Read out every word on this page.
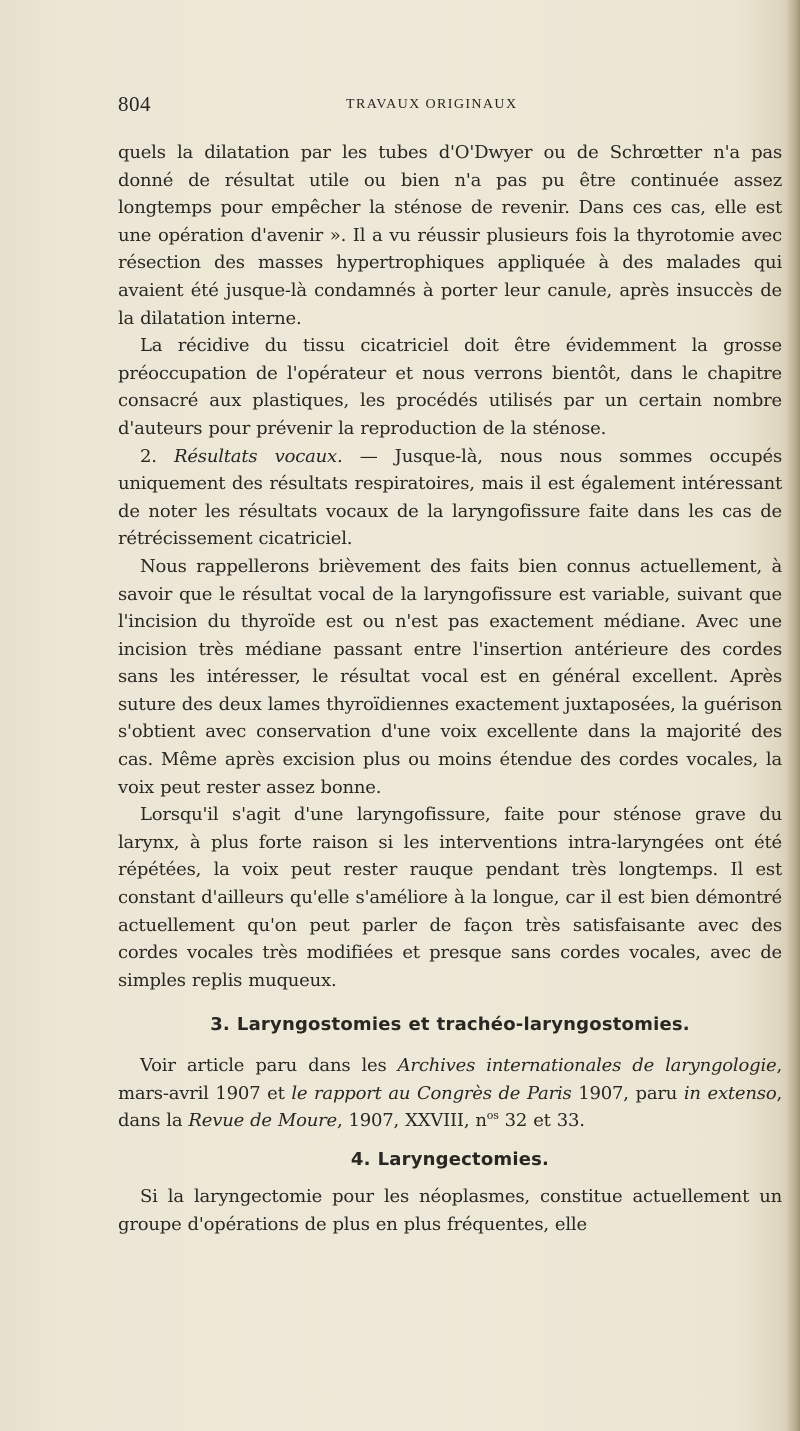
804	TRAVAUX ORIGINAUX

quels la dilatation par les tubes d'O'Dwyer ou de Schrœtter n'a pas donné de résultat utile ou bien n'a pas pu être continuée assez longtemps pour empêcher la sténose de revenir. Dans ces cas, elle est une opération d'avenir ». Il a vu réussir plusieurs fois la thyrotomie avec résection des masses hypertrophiques appliquée à des malades qui avaient été jusque-là condamnés à porter leur canule, après insuccès de la dilatation interne.

La récidive du tissu cicatriciel doit être évidemment la grosse préoccupation de l'opérateur et nous verrons bientôt, dans le chapitre consacré aux plastiques, les procédés utilisés par un certain nombre d'auteurs pour prévenir la reproduction de la sténose.

2. Résultats vocaux. — Jusque-là, nous nous sommes occupés uniquement des résultats respiratoires, mais il est également intéressant de noter les résultats vocaux de la laryngofissure faite dans les cas de rétrécissement cicatriciel.

Nous rappellerons brièvement des faits bien connus actuellement, à savoir que le résultat vocal de la laryngofissure est variable, suivant que l'incision du thyroïde est ou n'est pas exactement médiane. Avec une incision très médiane passant entre l'insertion antérieure des cordes sans les intéresser, le résultat vocal est en général excellent. Après suture des deux lames thyroïdiennes exactement juxtaposées, la guérison s'obtient avec conservation d'une voix excellente dans la majorité des cas. Même après excision plus ou moins étendue des cordes vocales, la voix peut rester assez bonne.

Lorsqu'il s'agit d'une laryngofissure, faite pour sténose grave du larynx, à plus forte raison si les interventions intra-laryngées ont été répétées, la voix peut rester rauque pendant très longtemps. Il est constant d'ailleurs qu'elle s'améliore à la longue, car il est bien démontré actuellement qu'on peut parler de façon très satisfaisante avec des cordes vocales très modifiées et presque sans cordes vocales, avec de simples replis muqueux.

3. Laryngostomies et trachéo-laryngostomies.

Voir article paru dans les Archives internationales de laryngologie, mars-avril 1907 et le rapport au Congrès de Paris 1907, paru in extenso, dans la Revue de Moure, 1907, XXVIII, $n^{os}$ 32 et 33.

4. Laryngectomies.

Si la laryngectomie pour les néoplasmes, constitue actuellement un groupe d'opérations de plus en plus fréquentes, elle
